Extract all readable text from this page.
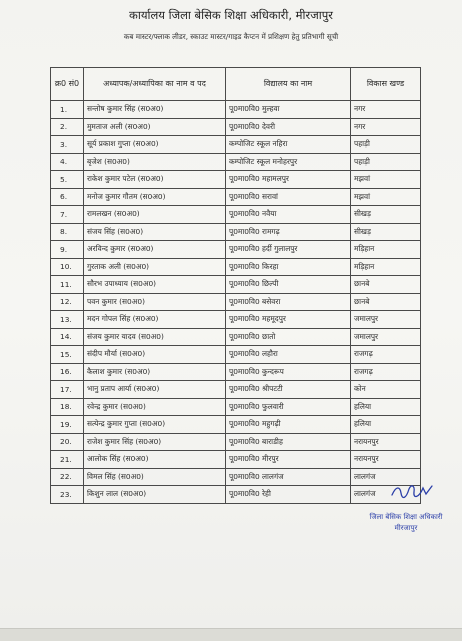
कार्यालय जिला बेसिक शिक्षा अधिकारी, मीरजापुर
कब मास्टर/फ्लाक लीडर, स्काउट मास्टर/गाइड कैप्टन में प्रशिक्षण हेतु प्रतिभागी सूची
क्र0 सं0	अध्यापक/अध्यापिका का नाम व पद	विद्यालय का नाम	विकास खण्ड
1.	सन्तोष कुमार सिंह (स0अ0)	पू0मा0वि0 मुल्हवा	नगर
2.	मुमताज अली (स0अ0)	पू0मा0वि0 देवरी	नगर
3.	सूर्य प्रकाश गुप्ता (स0अ0)	कम्पोजिट स्कूल नहिरा	पहाड़ी
4.	बृजेश (स0अ0)	कम्पोजिट स्कूल मनोहरपुर	पहाड़ी
5.	राकेश कुमार पटेल (स0अ0)	पू0मा0वि0 महामलपुर	मझवां
6.	मनोज कुमार गौतम (स0अ0)	पू0मा0वि0 सरावां	मझवां
7.	रामलखन (स0अ0)	पू0मा0वि0 नवैया	सीखड़
8.	संजय सिंह (स0अ0)	पू0मा0वि0 रामगढ़	सीखड़
9.	अरविन्द कुमार (स0अ0)	पू0मा0वि0 हर्दी गुलालपुर	मड़िहान
10.	गुरताक अली (स0अ0)	पू0मा0वि0 किरहा	मड़िहान
11.	सौरभ उपाध्याय (स0अ0)	पू0मा0वि0 छिल्पी	छानबे
12.	पवन कुमार (स0अ0)	पू0मा0वि0 बसेवरा	छानबे
13.	मदन गोपल सिंह (स0अ0)	पू0मा0वि0 महमूदपुर	जमालपुर
14.	संजय कुमार यादव (स0अ0)	पू0मा0वि0 छातो	जमालपुर
15.	संदीप मौर्या (स0अ0)	पू0मा0वि0 लहौरा	राजगढ़
16.	कैलाश कुमार (स0अ0)	पू0मा0वि0 कुन्दरूप	राजगढ़
17.	भानु प्रताप आर्या (स0अ0)	पू0मा0वि0 श्रीपटटी	कोन
18.	रवेन्द्र कुमार (स0अ0)	पू0मा0वि0 फुलवारी	हलिया
19.	सत्येन्द्र कुमार गुप्ता (स0अ0)	पू0मा0वि0 महुगढ़ी	हलिया
20.	राजेश कुमार सिंह (स0अ0)	पू0मा0वि0 बाराडीह	नरायनपुर
21.	आलोक सिंह (स0अ0)	पू0मा0वि0 मीरपुर	नरायनपुर
22.	विमल सिंह (स0अ0)	पू0मा0वि0 लालगंज	लालगंज
23.	किशुन लाल (स0अ0)	पू0मा0वि0 रेही	लालगंज
जिला बेसिक शिक्षा अधिकारी
मीरजापुर
